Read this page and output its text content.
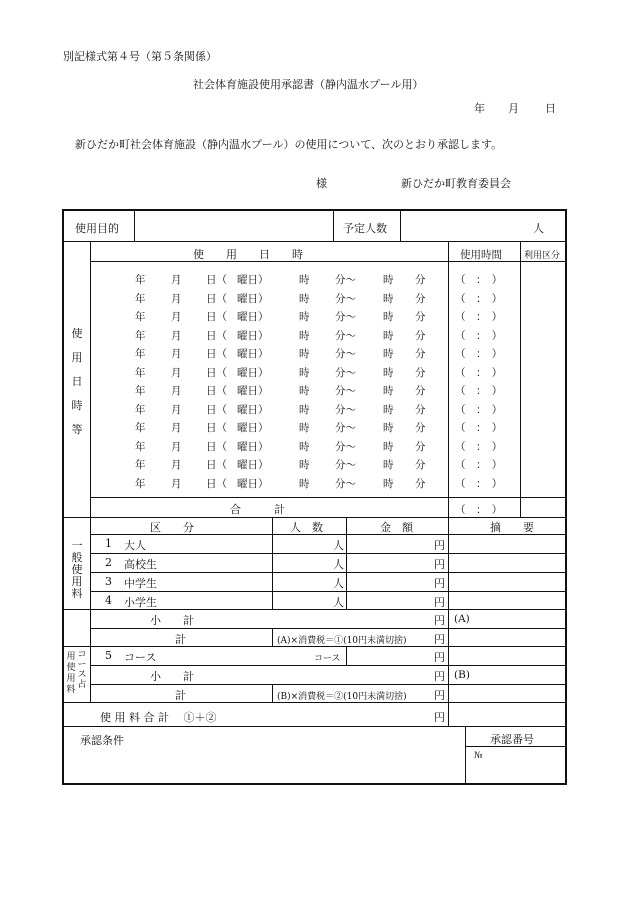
別記様式第４号（第５条関係）
社会体育施設使用承認書（静内温水プール用）
年 月 日
新ひだか町社会体育施設（静内温水プール）の使用について、次のとおり承認します。
様	新ひだか町教育委員会
使用目的	予定人数	人
使　　用　　日　　時	使用時間 利用区分
使
用
日
時
等
年 月 日（ 曜日）	時 分〜	時 分	（　：　）
年 月 日（ 曜日）	時 分〜	時 分	（　：　）
年 月 日（ 曜日）	時 分〜	時 分	（　：　）
年 月 日（ 曜日）	時 分〜	時 分	（　：　）
年 月 日（ 曜日）	時 分〜	時 分	（　：　）
年 月 日（ 曜日）	時 分〜	時 分	（　：　）
年 月 日（ 曜日）	時 分〜	時 分	（　：　）
年 月 日（ 曜日）	時 分〜	時 分	（　：　）
年 月 日（ 曜日）	時 分〜	時 分	（　：　）
年 月 日（ 曜日）	時 分〜	時 分	（　：　）
年 月 日（ 曜日）	時 分〜	時 分	（　：　）
年 月 日（ 曜日）	時 分〜	時 分	（　：　）
合　　　計	（　：　）
区　　分	人　数	金　額	摘　　要
一
般
使
用
料
1 大人	人	円
2 高校生	人	円
3 中学生	人	円
4 小学生	人	円
小　　計	円 (A)
計	(A)×消費税＝①(10円未満切捨) 円
コ
ー
ス
占
用
使
用
料
5 コース	コース	円
小　　計	円 (B)
計	(B)×消費税＝②(10円未満切捨) 円
使 用 料 合 計　 ①＋②	円
承認条件	承認番号
№
